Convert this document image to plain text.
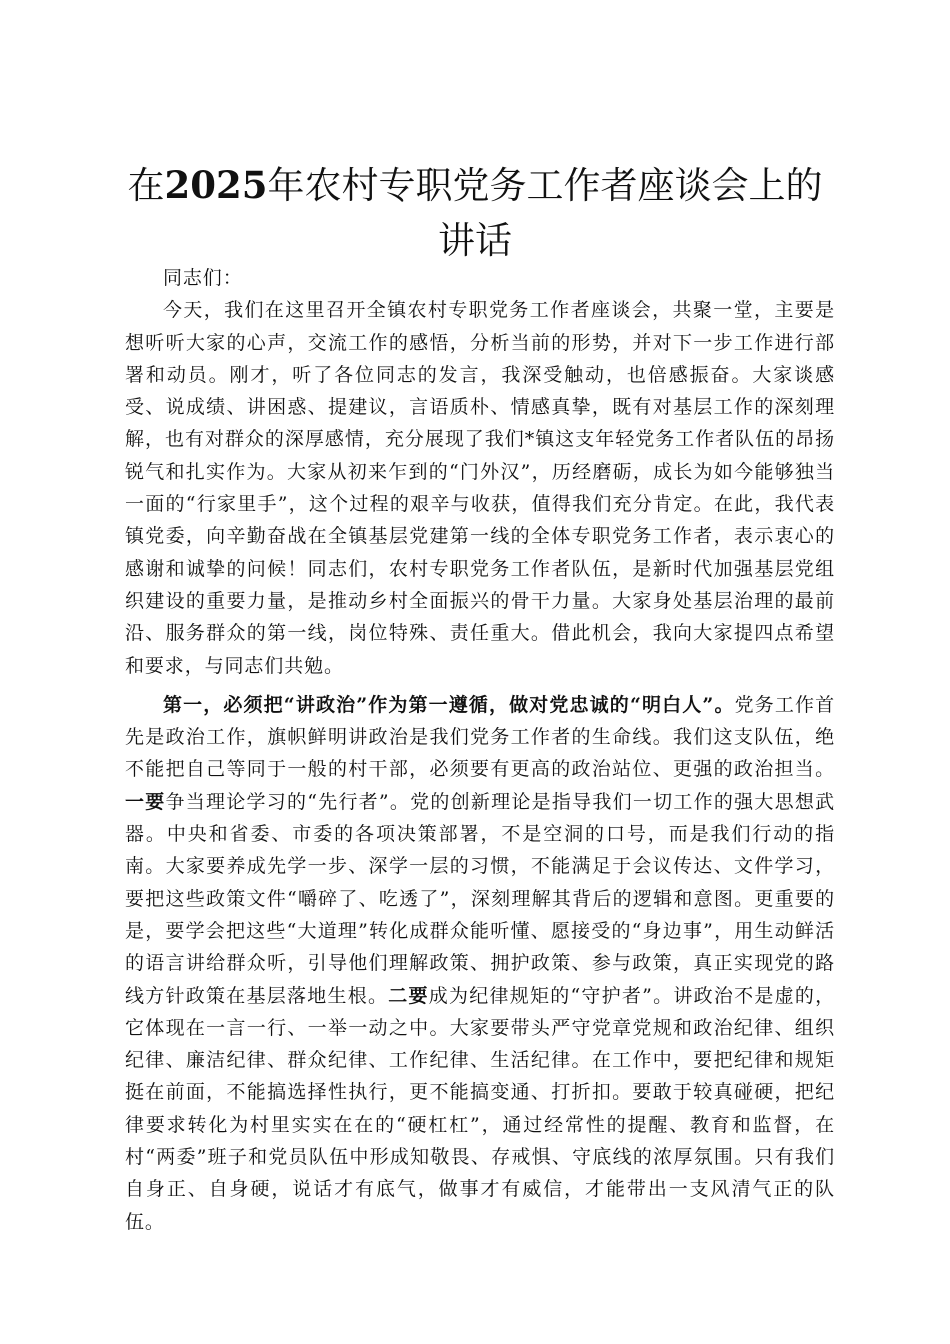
在2025年农村专职党务工作者座谈会上的讲话

同志们：

今天，我们在这里召开全镇农村专职党务工作者座谈会，共聚一堂，主要是想听听大家的心声，交流工作的感悟，分析当前的形势，并对下一步工作进行部署和动员。刚才，听了各位同志的发言，我深受触动，也倍感振奋。大家谈感受、说成绩、讲困惑、提建议，言语质朴、情感真挚，既有对基层工作的深刻理解，也有对群众的深厚感情，充分展现了我们*镇这支年轻党务工作者队伍的昂扬锐气和扎实作为。大家从初来乍到的“门外汉”，历经磨砺，成长为如今能够独当一面的“行家里手”，这个过程的艰辛与收获，值得我们充分肯定。在此，我代表镇党委，向辛勤奋战在全镇基层党建第一线的全体专职党务工作者，表示衷心的感谢和诚挚的问候！同志们，农村专职党务工作者队伍，是新时代加强基层党组织建设的重要力量，是推动乡村全面振兴的骨干力量。大家身处基层治理的最前沿、服务群众的第一线，岗位特殊、责任重大。借此机会，我向大家提四点希望和要求，与同志们共勉。

第一，必须把“讲政治”作为第一遵循，做对党忠诚的“明白人”。党务工作首先是政治工作，旗帜鲜明讲政治是我们党务工作者的生命线。我们这支队伍，绝不能把自己等同于一般的村干部，必须要有更高的政治站位、更强的政治担当。一要争当理论学习的“先行者”。党的创新理论是指导我们一切工作的强大思想武器。中央和省委、市委的各项决策部署，不是空洞的口号，而是我们行动的指南。大家要养成先学一步、深学一层的习惯，不能满足于会议传达、文件学习，要把这些政策文件“嚼碎了、吃透了”，深刻理解其背后的逻辑和意图。更重要的是，要学会把这些“大道理”转化成群众能听懂、愿接受的“身边事”，用生动鲜活的语言讲给群众听，引导他们理解政策、拥护政策、参与政策，真正实现党的路线方针政策在基层落地生根。二要成为纪律规矩的“守护者”。讲政治不是虚的，它体现在一言一行、一举一动之中。大家要带头严守党章党规和政治纪律、组织纪律、廉洁纪律、群众纪律、工作纪律、生活纪律。在工作中，要把纪律和规矩挺在前面，不能搞选择性执行，更不能搞变通、打折扣。要敢于较真碰硬，把纪律要求转化为村里实实在在的“硬杠杠”，通过经常性的提醒、教育和监督，在村“两委”班子和党员队伍中形成知敬畏、存戒惧、守底线的浓厚氛围。只有我们自身正、自身硬，说话才有底气，做事才有威信，才能带出一支风清气正的队伍。
